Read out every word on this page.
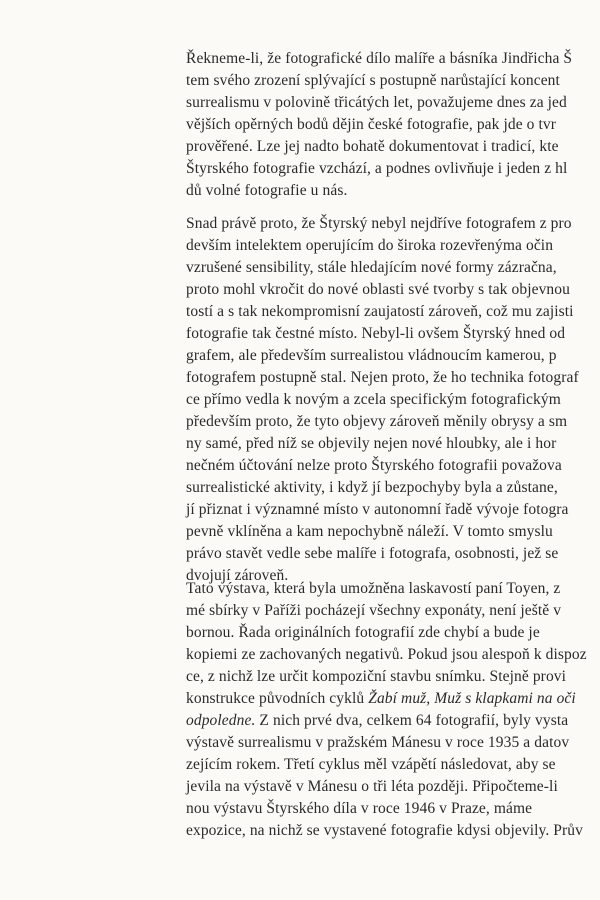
Řekneme-li, že fotografické dílo malíře a básníka Jindřicha Š
tem svého zrození splývající s postupně narůstající koncent
surrealismu v polovině třicátých let, považujeme dnes za jed
vějších opěrných bodů dějin české fotografie, pak jde o tvr
prověřené. Lze jej nadto bohatě dokumentovat i tradicí, kte
Štyrského fotografie vzchází, a podnes ovlivňuje i jeden z hl
dů volné fotografie u nás.
Snad právě proto, že Štyrský nebyl nejdříve fotografem z pro
devším intelektem operujícím do široka rozevřenýma očin
vzrušené sensibility, stále hledajícím nové formy zázračna,
proto mohl vkročit do nové oblasti své tvorby s tak objevnou
tostí a s tak nekompromisní zaujatostí zároveň, což mu zajisti
fotografie tak čestné místo. Nebyl-li ovšem Štyrský hned od
grafem, ale především surrealistou vládnoucím kamerou, p
fotografem postupně stal. Nejen proto, že ho technika fotograf
ce přímo vedla k novým a zcela specifickým fotografickým
především proto, že tyto objevy zároveň měnily obrysy a sm
ny samé, před níž se objevily nejen nové hloubky, ale i hor
nečném účtování nelze proto Štyrského fotografii považova
surrealistické aktivity, i když jí bezpochyby byla a zůstane,
jí přiznat i významné místo v autonomní řadě vývoje fotogra
pevně vklíněna a kam nepochybně náleží. V tomto smyslu
právo stavět vedle sebe malíře i fotografa, osobnosti, jež se
dvojují zároveň.
Tato výstava, která byla umožněna laskavostí paní Toyen, z
mé sbírky v Paříži pocházejí všechny exponáty, není ještě v
bornou. Řada originálních fotografií zde chybí a bude je
kopiemi ze zachovaných negativů. Pokud jsou alespoň k dispoz
ce, z nichž lze určit kompoziční stavbu snímku. Stejně provi
konstrukce původních cyklů Žabí muž, Muž s klapkami na oči
odpoledne. Z nich prvé dva, celkem 64 fotografií, byly vysta
výstavě surrealismu v pražském Mánesu v roce 1935 a datov
zejícím rokem. Třetí cyklus měl vzápětí následovat, aby se
jevila na výstavě v Mánesu o tři léta později. Připočteme-li
nou výstavu Štyrského díla v roce 1946 v Praze, máme
expozice, na nichž se vystavené fotografie kdysi objevily. Prův
